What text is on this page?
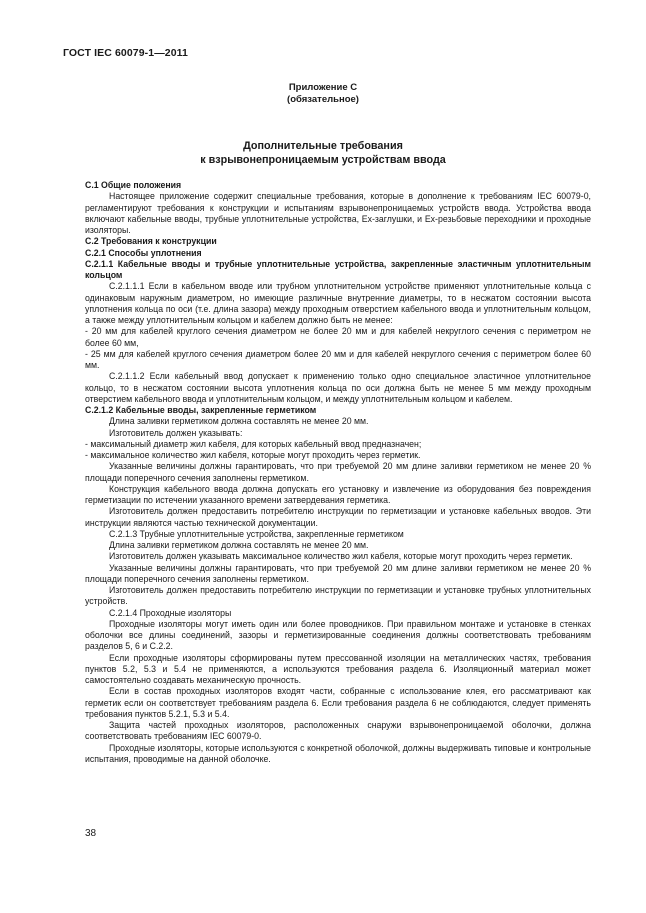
ГОСТ IEC 60079-1—2011
Приложение С
(обязательное)
Дополнительные требования
к взрывонепроницаемым устройствам ввода

С.1 Общие положения

Настоящее приложение содержит специальные требования, которые в дополнение к требованиям IEC 60079-0, регламентируют требования к конструкции и испытаниям взрывонепроницаемых устройств ввода. Устройства ввода включают кабельные вводы, трубные уплотнительные устройства, Ех-заглушки, и Ех-резьбовые переходники и проходные изоляторы.

С.2 Требования к конструкции

С.2.1 Способы уплотнения

С.2.1.1 Кабельные вводы и трубные уплотнительные устройства, закрепленные эластичным уплотнительным кольцом

С.2.1.1.1 Если в кабельном вводе или трубном уплотнительном устройстве применяют уплотнительные кольца с одинаковым наружным диаметром, но имеющие различные внутренние диаметры, то в несжатом состоянии высота уплотнения кольца по оси (т.е. длина зазора) между проходным отверстием кабельного ввода и уплотнительным кольцом, а также между уплотнительным кольцом и кабелем должно быть не менее:

- 20 мм для кабелей круглого сечения диаметром не более 20 мм и для кабелей некруглого сечения с периметром не более 60 мм,

- 25 мм для кабелей круглого сечения диаметром более 20 мм и для кабелей некруглого сечения с периметром более 60 мм.

С.2.1.1.2 Если кабельный ввод допускает к применению только одно специальное эластичное уплотнительное кольцо, то в несжатом состоянии высота уплотнения кольца по оси должна быть не менее 5 мм между проходным отверстием кабельного ввода и уплотнительным кольцом, и между уплотнительным кольцом и кабелем.

С.2.1.2 Кабельные вводы, закрепленные герметиком

Длина заливки герметиком должна составлять не менее 20 мм.

Изготовитель должен указывать:

- максимальный диаметр жил кабеля, для которых кабельный ввод предназначен;

- максимальное количество жил кабеля, которые могут проходить через герметик.

Указанные величины должны гарантировать, что при требуемой 20 мм длине заливки герметиком не менее 20 % площади поперечного сечения заполнены герметиком.

Конструкция кабельного ввода должна допускать его установку и извлечение из оборудования без повреждения герметизации по истечении указанного времени затвердевания герметика.

Изготовитель должен предоставить потребителю инструкции по герметизации и установке кабельных вводов. Эти инструкции являются частью технической документации.

С.2.1.3 Трубные уплотнительные устройства, закрепленные герметиком

Длина заливки герметиком должна составлять не менее 20 мм.

Изготовитель должен указывать максимальное количество жил кабеля, которые могут проходить через герметик.

Указанные величины должны гарантировать, что при требуемой 20 мм длине заливки герметиком не менее 20 % площади поперечного сечения заполнены герметиком.

Изготовитель должен предоставить потребителю инструкции по герметизации и установке трубных уплотнительных устройств.

С.2.1.4 Проходные изоляторы

Проходные изоляторы могут иметь один или более проводников. При правильном монтаже и установке в стенках оболочки все длины соединений, зазоры и герметизированные соединения должны соответствовать требованиям разделов 5, 6 и С.2.2.

Если проходные изоляторы сформированы путем прессованной изоляции на металлических частях, требования пунктов 5.2, 5.3 и 5.4 не применяются, а используются требования раздела 6. Изоляционный материал может самостоятельно создавать механическую прочность.

Если в состав проходных изоляторов входят части, собранные с использование клея, его рассматривают как герметик если он соответствует требованиям раздела 6. Если требования раздела 6 не соблюдаются, следует применять требования пунктов 5.2.1, 5.3 и 5.4.

Защита частей проходных изоляторов, расположенных снаружи взрывонепроницаемой оболочки, должна соответствовать требованиям IEC 60079-0.

Проходные изоляторы, которые используются с конкретной оболочкой, должны выдерживать типовые и контрольные испытания, проводимые на данной оболочке.

38
